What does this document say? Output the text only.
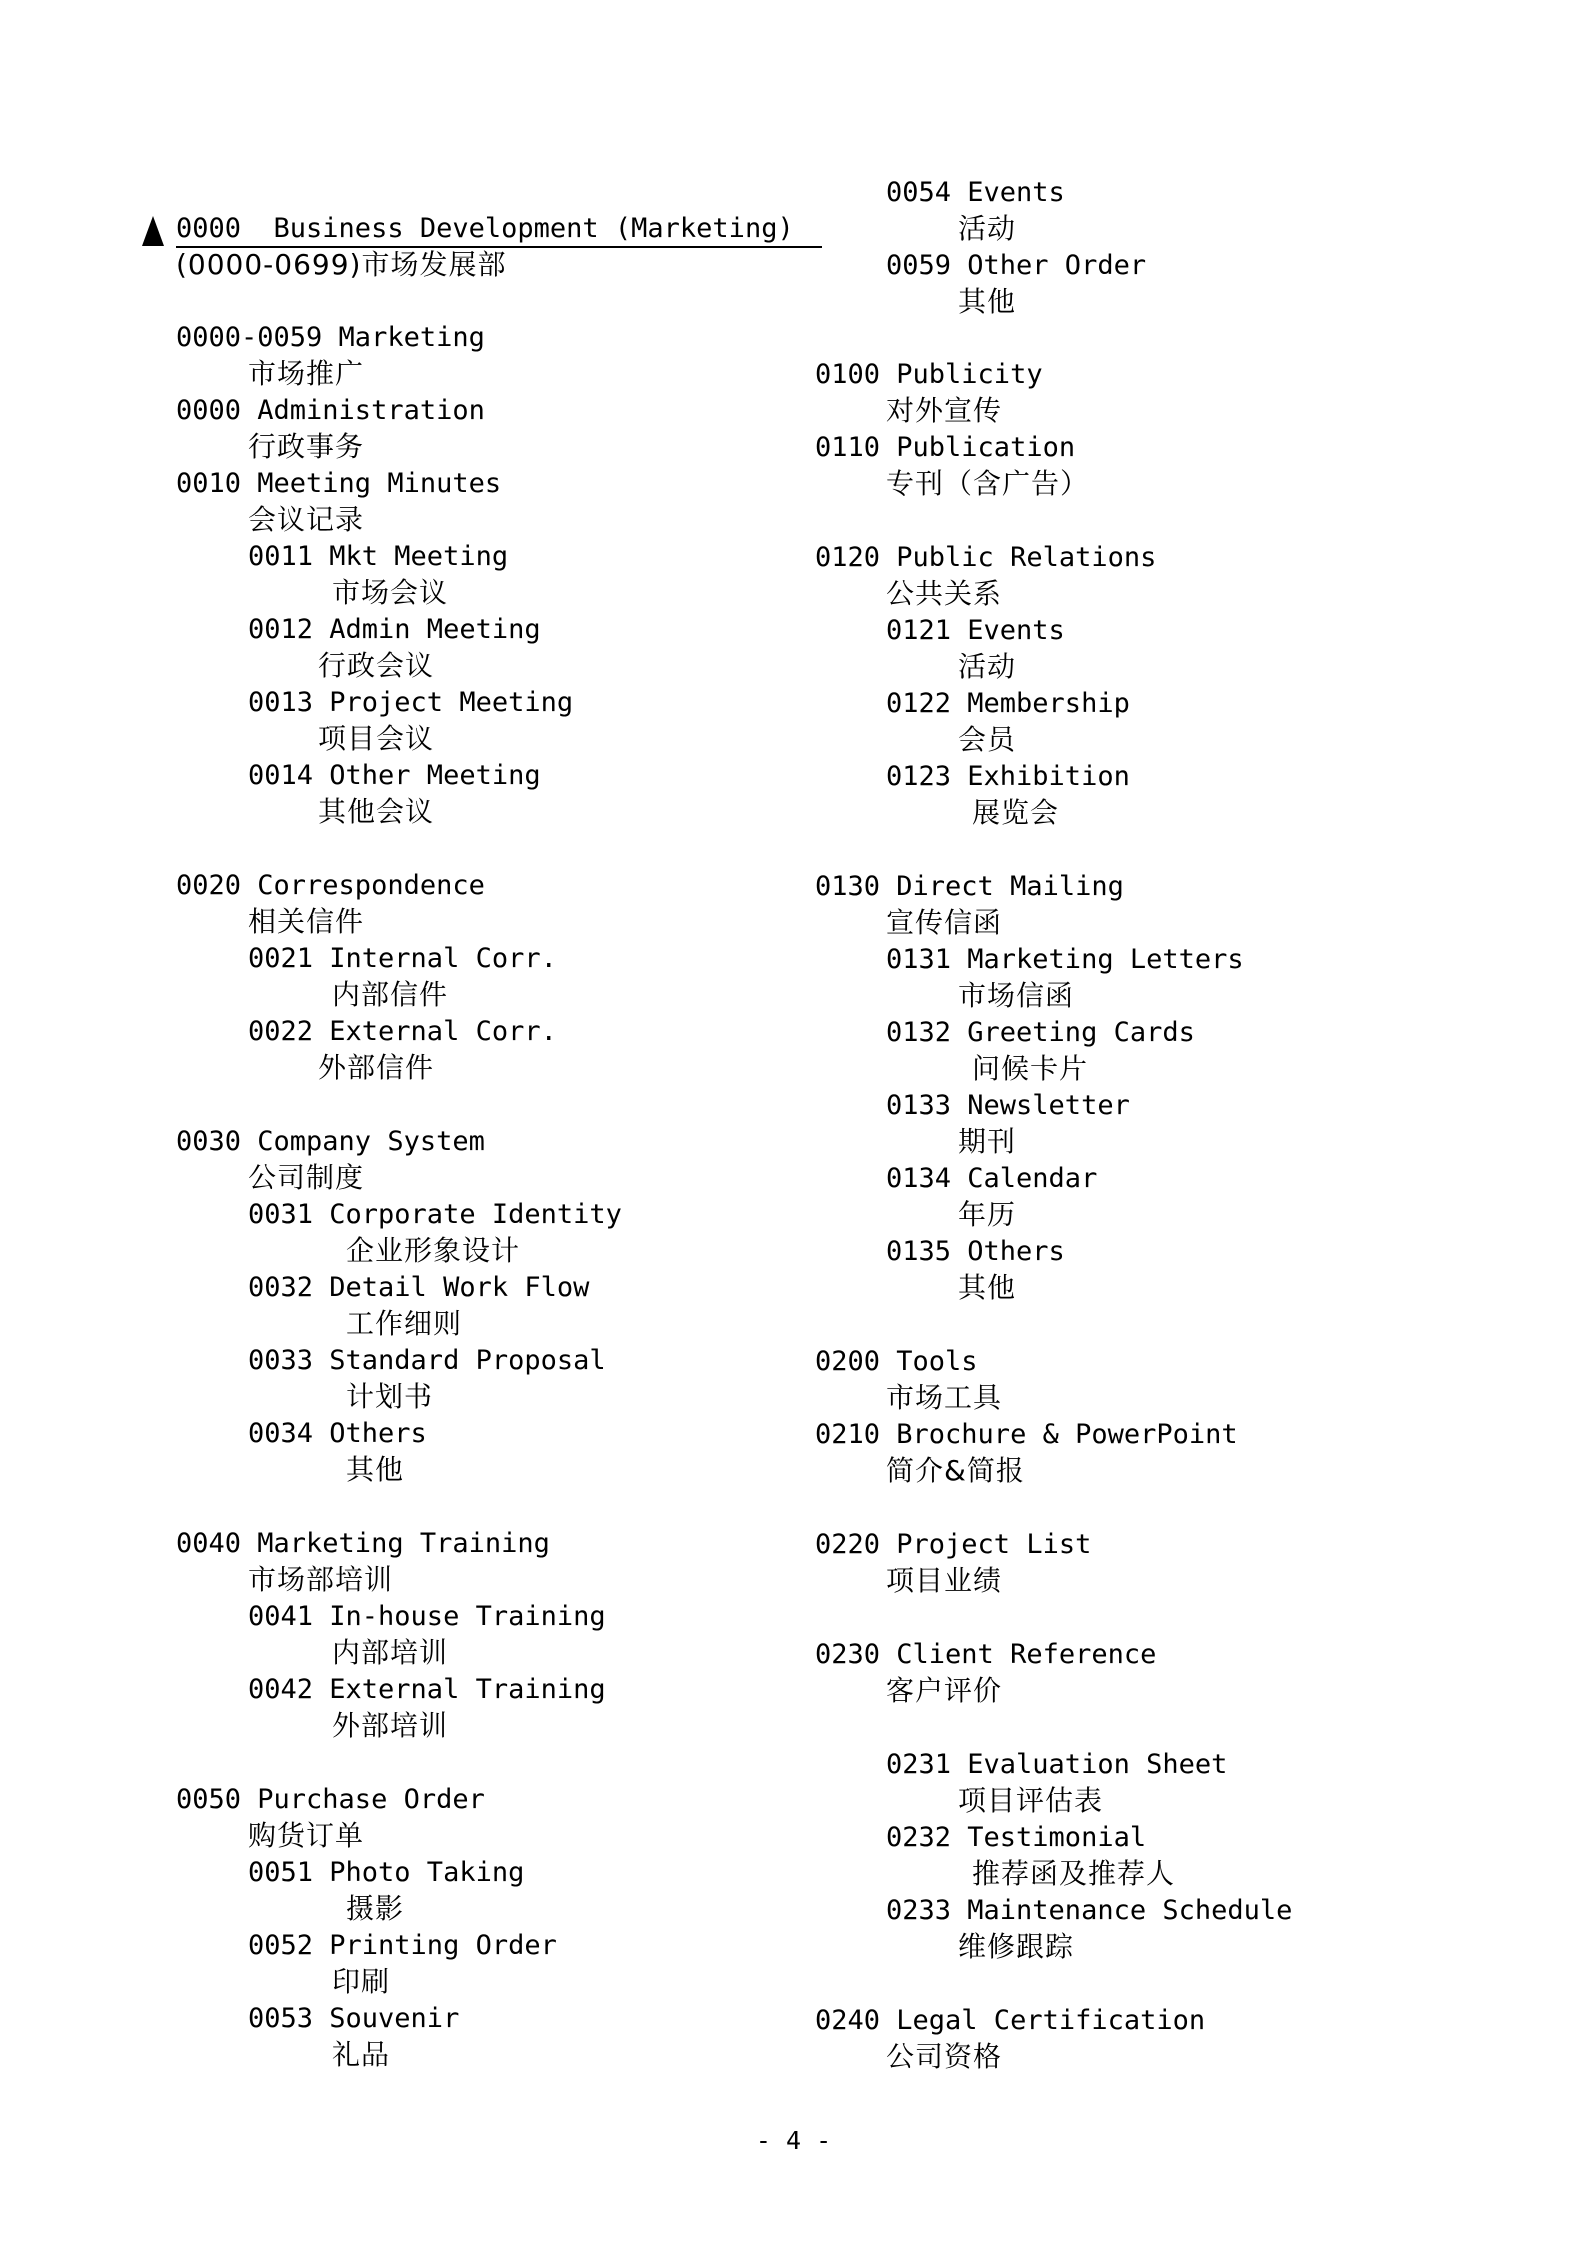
0000  Business Development (Marketing)
(0000-0699)市场发展部
0000-0059 Marketing
市场推广
0000 Administration
行政事务
0010 Meeting Minutes
会议记录
0011 Mkt Meeting
市场会议
0012 Admin Meeting
行政会议
0013 Project Meeting
项目会议
0014 Other Meeting
其他会议
0020 Correspondence
相关信件
0021 Internal Corr.
内部信件
0022 External Corr.
外部信件
0030 Company System
公司制度
0031 Corporate Identity
企业形象设计
0032 Detail Work Flow
工作细则
0033 Standard Proposal
计划书
0034 Others
其他
0040 Marketing Training
市场部培训
0041 In-house Training
内部培训
0042 External Training
外部培训
0050 Purchase Order
购货订单
0051 Photo Taking
摄影
0052 Printing Order
印刷
0053 Souvenir
礼品
0054 Events
活动
0059 Other Order
其他
0100 Publicity
对外宣传
0110 Publication
专刊（含广告）
0120 Public Relations
公共关系
0121 Events
活动
0122 Membership
会员
0123 Exhibition
展览会
0130 Direct Mailing
宣传信函
0131 Marketing Letters
市场信函
0132 Greeting Cards
问候卡片
0133 Newsletter
期刊
0134 Calendar
年历
0135 Others
其他
0200 Tools
市场工具
0210 Brochure & PowerPoint
简介&简报
0220 Project List
项目业绩
0230 Client Reference
客户评价
0231 Evaluation Sheet
项目评估表
0232 Testimonial
推荐函及推荐人
0233 Maintenance Schedule
维修跟踪
0240 Legal Certification
公司资格
- 4 -
